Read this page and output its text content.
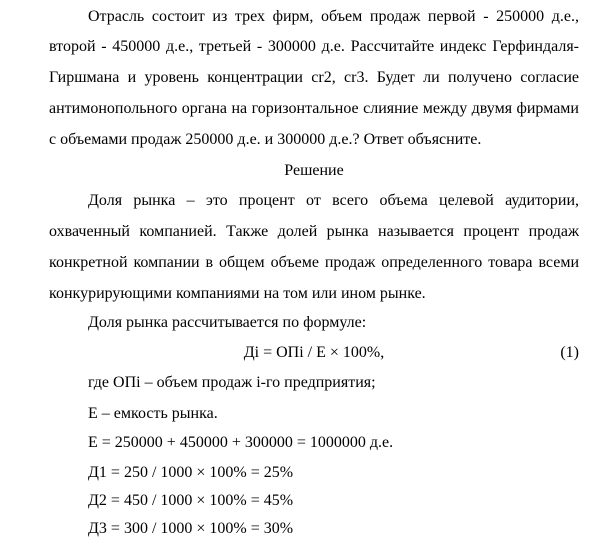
Отрасль состоит из трех фирм, объем продаж первой - 250000 д.е.,
второй - 450000 д.е., третьей - 300000 д.е. Рассчитайте индекс Герфиндаля-
Гиршмана и уровень концентрации cr2, cr3. Будет ли получено согласие
антимонопольного органа на горизонтальное слияние между двумя фирмами
с объемами продаж 250000 д.е. и 300000 д.е.? Ответ объясните.
Решение
Доля рынка – это процент от всего объема целевой аудитории,
охваченный компанией. Также долей рынка называется процент продаж
конкретной компании в общем объеме продаж определенного товара всеми
конкурирующими компаниями на том или ином рынке.
Доля рынка рассчитывается по формуле:
Дi = ОПi / Е × 100%,	(1)
где ОПi – объем продаж i-го предприятия;
Е – емкость рынка.
Е = 250000 + 450000 + 300000 = 1000000 д.е.
Д1 = 250 / 1000 × 100% = 25%
Д2 = 450 / 1000 × 100% = 45%
Д3 = 300 / 1000 × 100% = 30%
